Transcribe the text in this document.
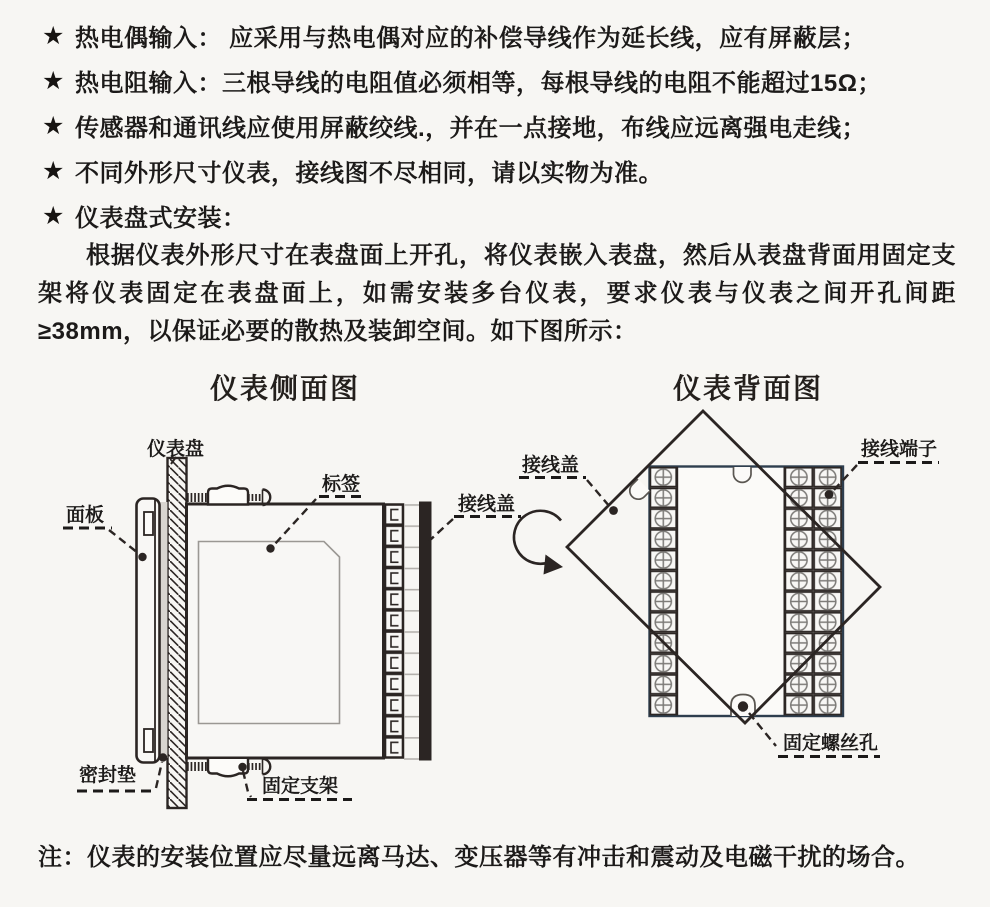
★ 热电偶输入： 应采用与热电偶对应的补偿导线作为延长线，应有屏蔽层；
★ 热电阻输入：三根导线的电阻值必须相等，每根导线的电阻不能超过15Ω；
★ 传感器和通讯线应使用屏蔽绞线.，并在一点接地，布线应远离强电走线；
★ 不同外形尺寸仪表，接线图不尽相同，请以实物为准。
★ 仪表盘式安装：

根据仪表外形尺寸在表盘面上开孔，将仪表嵌入表盘，然后从表盘背面用固定支架将仪表固定在表盘面上，如需安装多台仪表，要求仪表与仪表之间开孔间距≥38mm，以保证必要的散热及装卸空间。如下图所示：

仪表侧面图
仪表盘
面板
标签
接线盖
密封垫
固定支架
仪表背面图
接线盖
接线端子
固定螺丝孔
注：仪表的安装位置应尽量远离马达、变压器等有冲击和震动及电磁干扰的场合。
